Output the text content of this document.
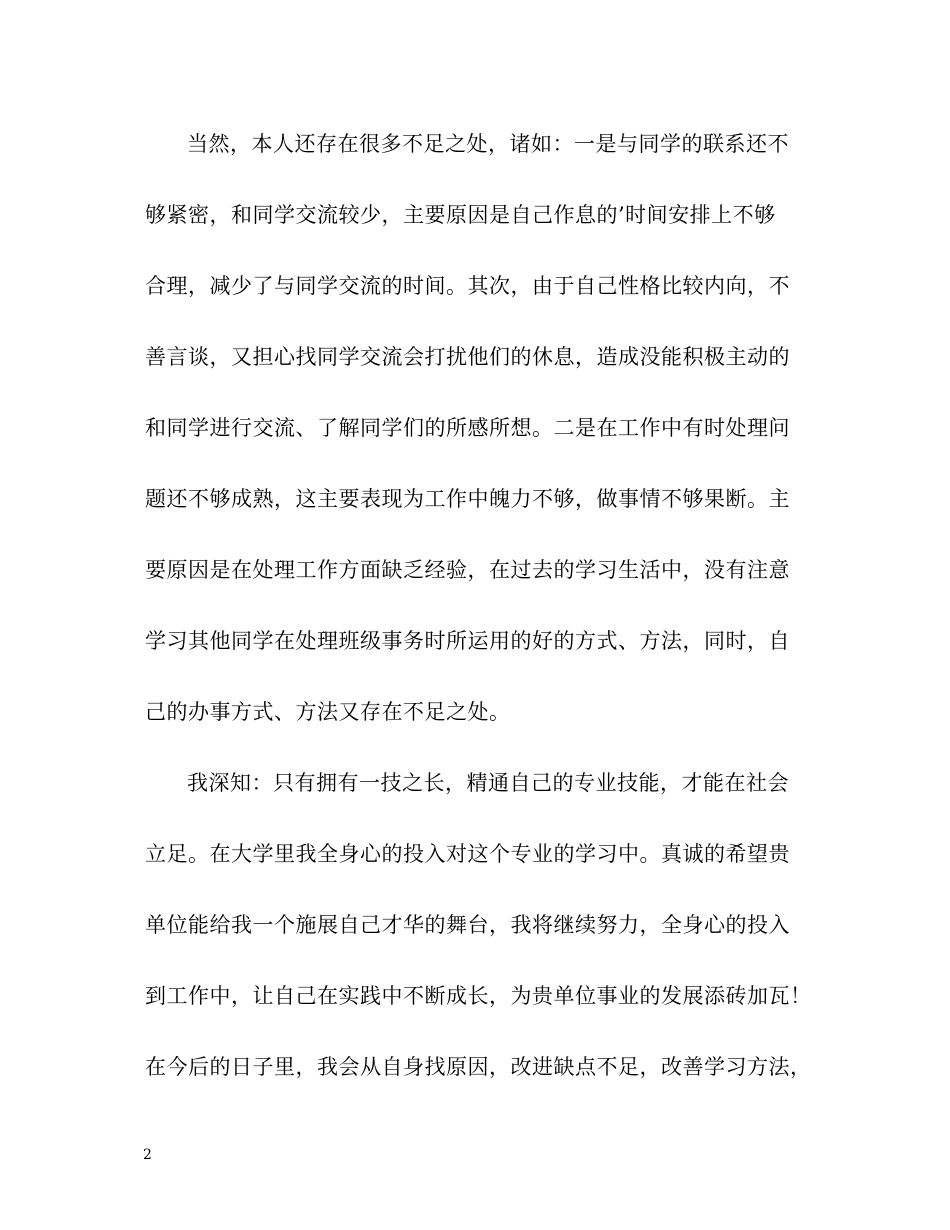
当然，本人还存在很多不足之处，诸如：一是与同学的联系还不
够紧密，和同学交流较少，主要原因是自己作息的’时间安排上不够
合理，减少了与同学交流的时间。其次，由于自己性格比较内向，不
善言谈，又担心找同学交流会打扰他们的休息，造成没能积极主动的
和同学进行交流、了解同学们的所感所想。二是在工作中有时处理问
题还不够成熟，这主要表现为工作中魄力不够，做事情不够果断。主
要原因是在处理工作方面缺乏经验，在过去的学习生活中，没有注意
学习其他同学在处理班级事务时所运用的好的方式、方法，同时，自
己的办事方式、方法又存在不足之处。
我深知：只有拥有一技之长，精通自己的专业技能，才能在社会
立足。在大学里我全身心的投入对这个专业的学习中。真诚的希望贵
单位能给我一个施展自己才华的舞台，我将继续努力，全身心的投入
到工作中，让自己在实践中不断成长，为贵单位事业的发展添砖加瓦！
在今后的日子里，我会从自身找原因，改进缺点不足，改善学习方法，
2
